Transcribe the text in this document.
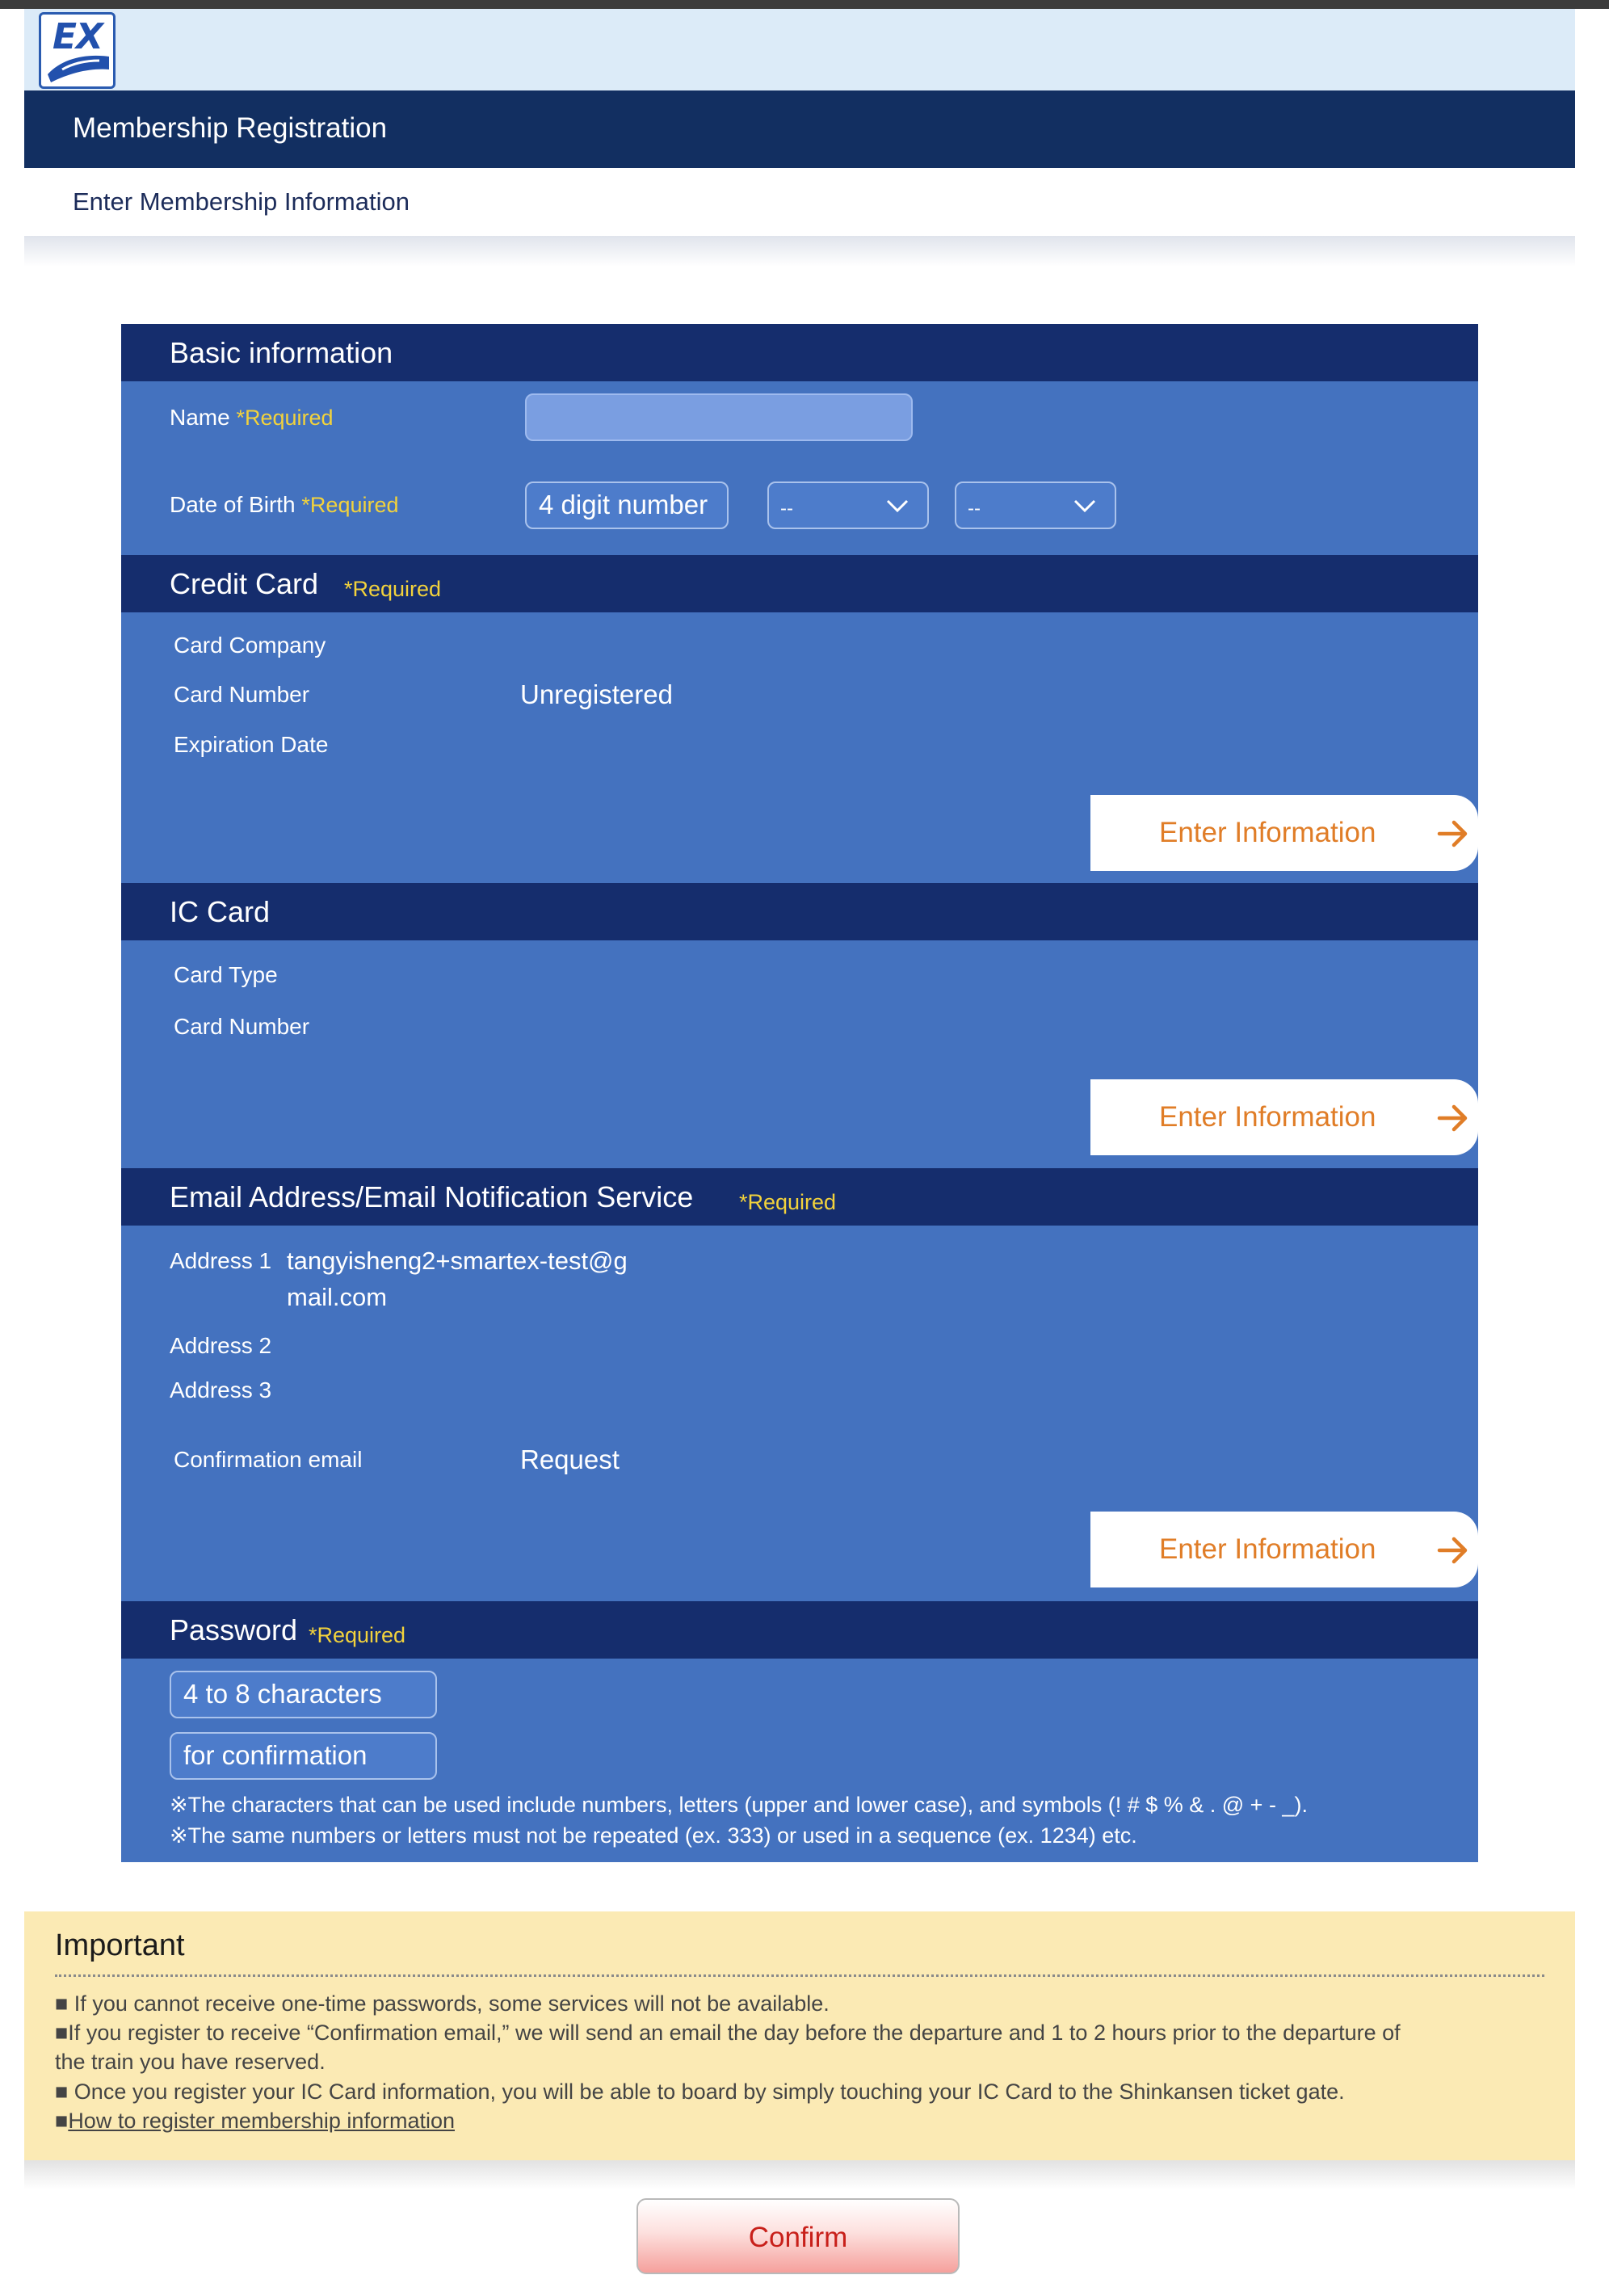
EX
Membership Registration
Enter Membership Information
Basic information
Name *Required
Date of Birth *Required	4 digit number	--	--
Credit Card *Required
Card Company
Card Number	Unregistered
Expiration Date
Enter Information
IC Card
Card Type
Card Number
Enter Information
Email Address/Email Notification Service *Required
Address 1 tangyisheng2+smartex-test@g
mail.com
Address 2
Address 3
Confirmation email	Request
Enter Information
Password *Required
4 to 8 characters
for confirmation
※The characters that can be used include numbers, letters (upper and lower case), and symbols (! # $ % & . @ + - _).
※The same numbers or letters must not be repeated (ex. 333) or used in a sequence (ex. 1234) etc.
Important
■ If you cannot receive one-time passwords, some services will not be available.
■If you register to receive “Confirmation email,” we will send an email the day before the departure and 1 to 2 hours prior to the departure of
the train you have reserved.
■ Once you register your IC Card information, you will be able to board by simply touching your IC Card to the Shinkansen ticket gate.
■How to register membership information
Confirm
